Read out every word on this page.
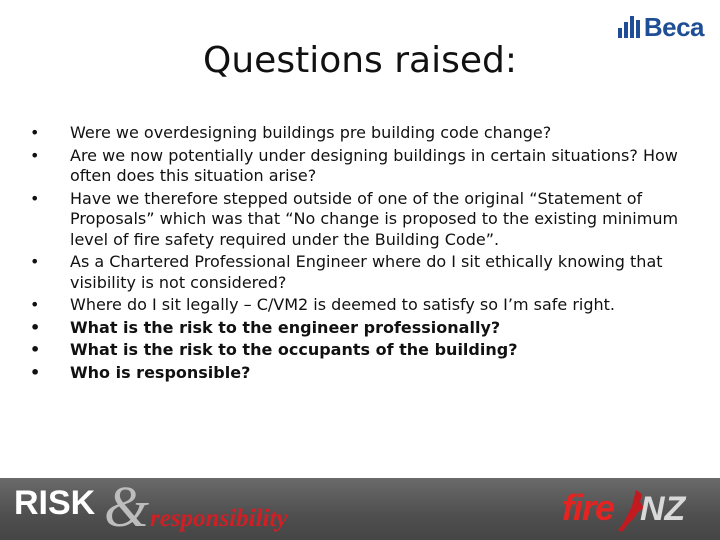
Beca
Questions raised:
• Were we overdesigning buildings pre building code change?
• Are we now potentially under designing buildings in certain situations? How often does this situation arise?
• Have we therefore stepped outside of one of the original “Statement of Proposals” which was that “No change is proposed to the existing minimum level of fire safety required under the Building Code”.
• As a Chartered Professional Engineer where do I sit ethically knowing that visibility is not considered?
• Where do I sit legally – C/VM2 is deemed to satisfy so I’m safe right.
• What is the risk to the engineer professionally?
• What is the risk to the occupants of the building?
• Who is responsible?
RISK & responsibility	fire NZ
